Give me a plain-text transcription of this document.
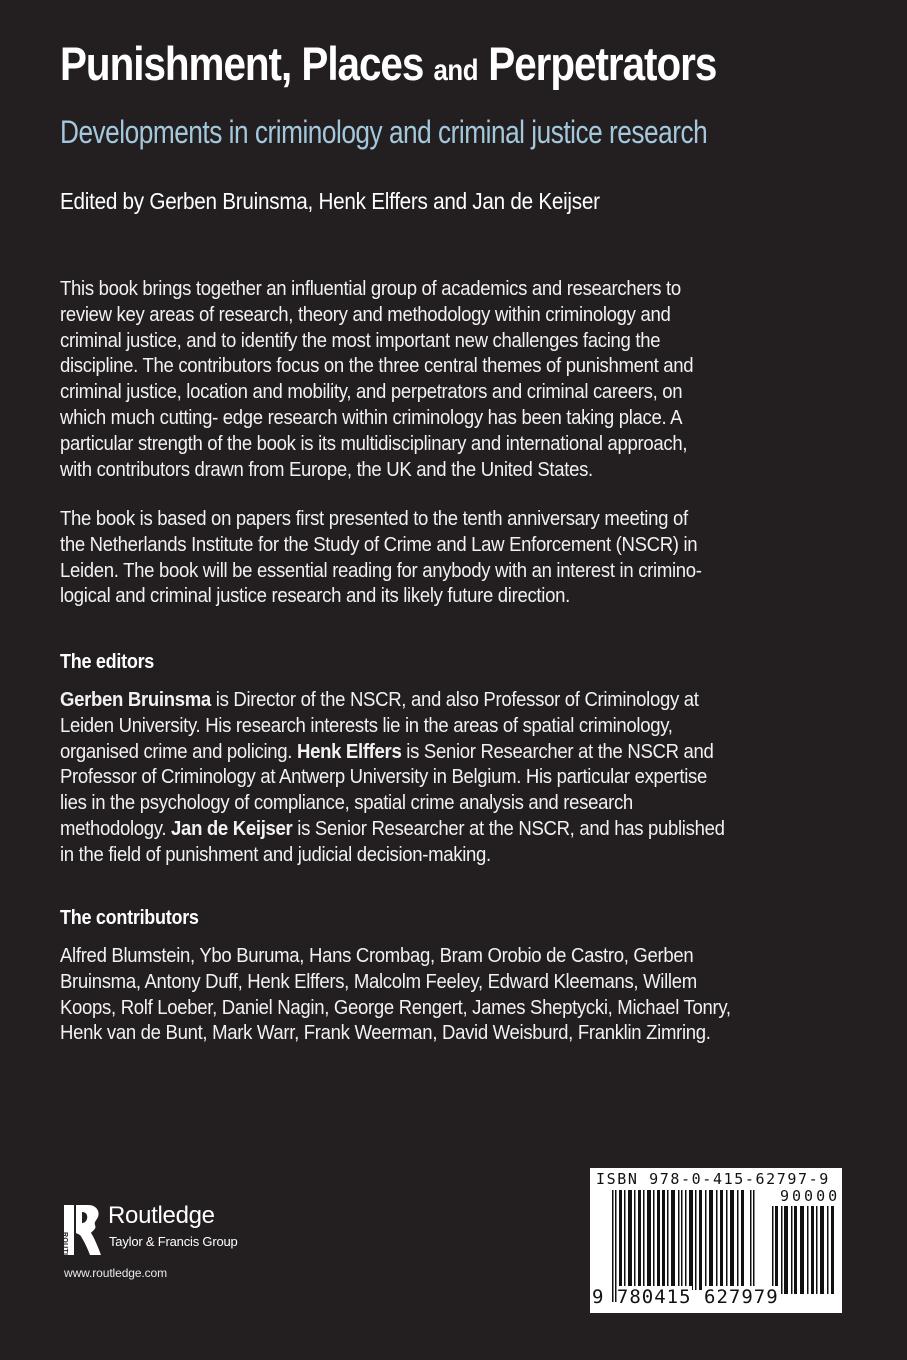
Punishment, Places and Perpetrators
Developments in criminology and criminal justice research
Edited by Gerben Bruinsma, Henk Elffers and Jan de Keijser

This book brings together an influential group of academics and researchers to

review key areas of research, theory and methodology within criminology and

criminal justice, and to identify the most important new challenges facing the

discipline. The contributors focus on the three central themes of punishment and

criminal justice, location and mobility, and perpetrators and criminal careers, on

which much cutting- edge research within criminology has been taking place. A

particular strength of the book is its multidisciplinary and international approach,

with contributors drawn from Europe, the UK and the United States.

The book is based on papers first presented to the tenth anniversary meeting of

the Netherlands Institute for the Study of Crime and Law Enforcement (NSCR) in

Leiden. The book will be essential reading for anybody with an interest in crimino-

logical and criminal justice research and its likely future direction.

The editors

Gerben Bruinsma is Director of the NSCR, and also Professor of Criminology at

Leiden University. His research interests lie in the areas of spatial criminology,

organised crime and policing. Henk Elffers is Senior Researcher at the NSCR and

Professor of Criminology at Antwerp University in Belgium. His particular expertise

lies in the psychology of compliance, spatial crime analysis and research

methodology. Jan de Keijser is Senior Researcher at the NSCR, and has published

in the field of punishment and judicial decision-making.

The contributors

Alfred Blumstein, Ybo Buruma, Hans Crombag, Bram Orobio de Castro, Gerben

Bruinsma, Antony Duff, Henk Elffers, Malcolm Feeley, Edward Kleemans, Willem

Koops, Rolf Loeber, Daniel Nagin, George Rengert, James Sheptycki, Michael Tonry,

Henk van de Bunt, Mark Warr, Frank Weerman, David Weisburd, Franklin Zimring.

ROUTLEDGE
Routledge
Taylor & Francis Group
www.routledge.com
ISBN 978-0-415-62797-9
90000
9 780415 627979
